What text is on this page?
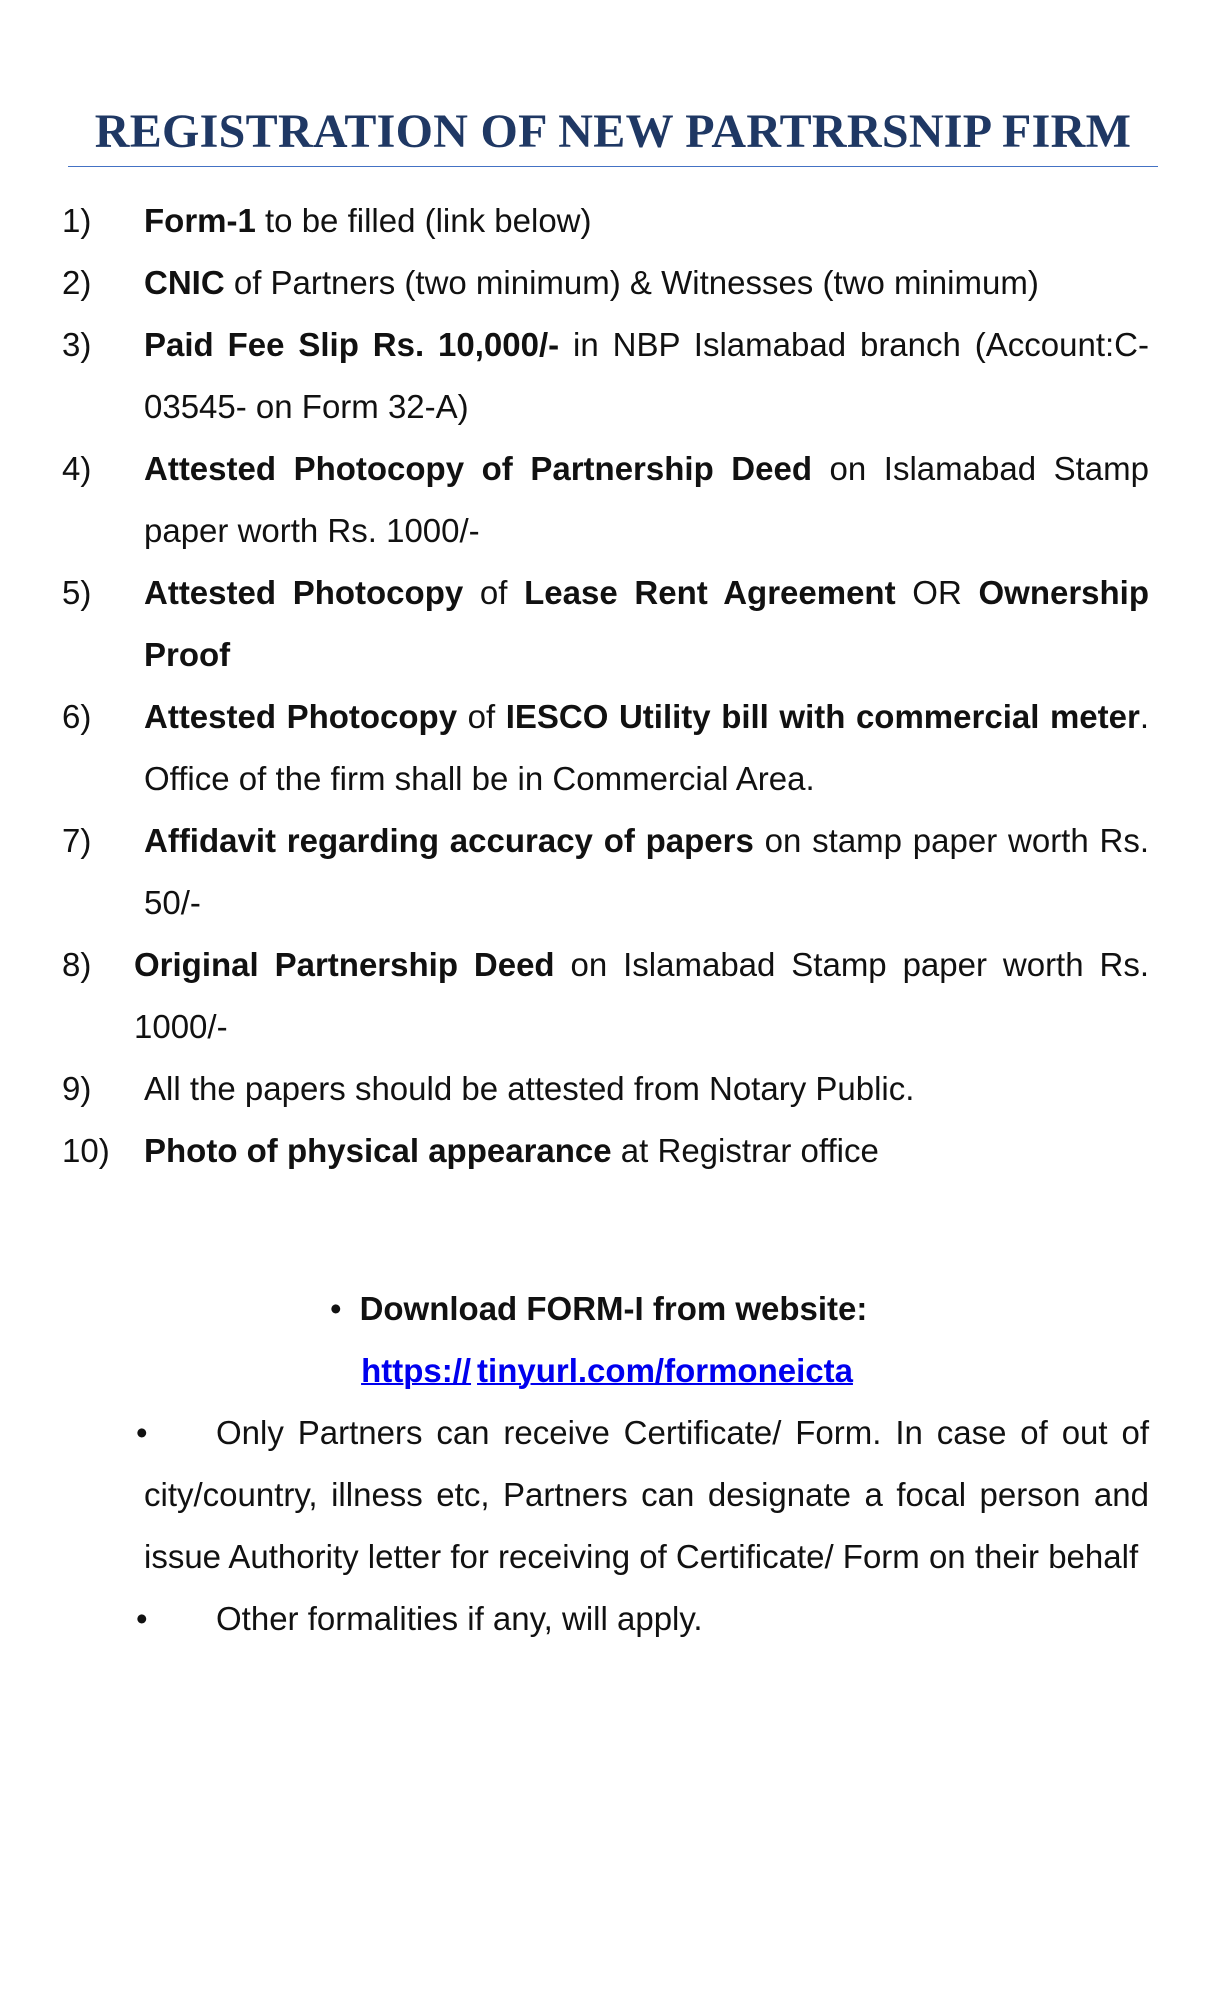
REGISTRATION OF NEW PARTRRSNIP FIRM
1) Form-1 to be filled (link below)
2) CNIC of Partners (two minimum) & Witnesses (two minimum)
3) Paid Fee Slip Rs. 10,000/- in NBP Islamabad branch (Account:C-03545- on Form 32-A)
4) Attested Photocopy of Partnership Deed on Islamabad Stamp paper worth Rs. 1000/-
5) Attested Photocopy of Lease Rent Agreement OR Ownership Proof
6) Attested Photocopy of IESCO Utility bill with commercial meter. Office of the firm shall be in Commercial Area.
7) Affidavit regarding accuracy of papers on stamp paper worth Rs. 50/-
8) Original Partnership Deed on Islamabad Stamp paper worth Rs. 1000/-
9) All the papers should be attested from Notary Public.
10) Photo of physical appearance at Registrar office
• Download FORM-I from website:
https:// tinyurl.com/formoneicta
•	Only Partners can receive Certificate/ Form. In case of out of city/country, illness etc, Partners can designate a focal person and issue Authority letter for receiving of Certificate/ Form on their behalf
•	Other formalities if any, will apply.
